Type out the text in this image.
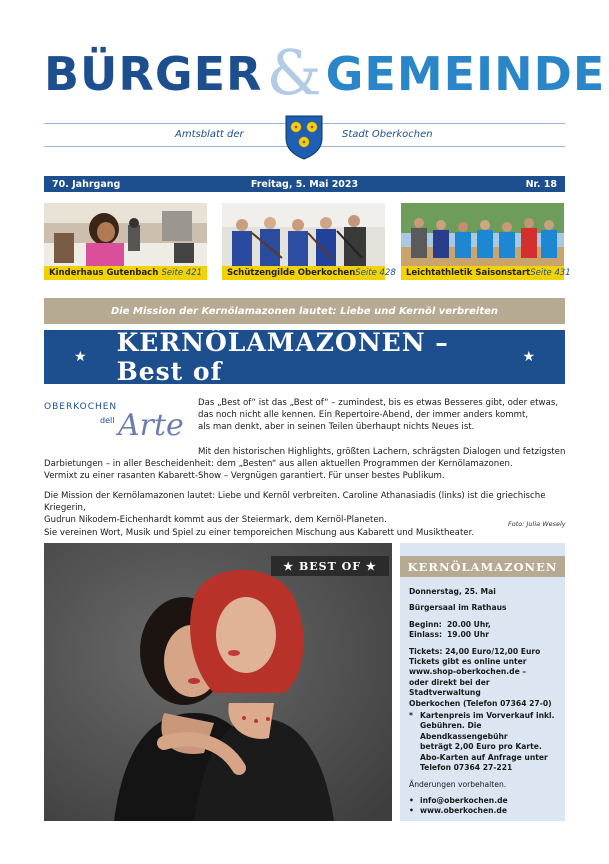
BÜRGER & GEMEINDE
Amtsblatt der	Stadt Oberkochen
70. Jahrgang	Freitag, 5. Mai 2023	Nr. 18
Kinderhaus Gutenbach Seite 421	Schützengilde Oberkochen Seite 428 Leichtathletik Saisonstart Seite 431
Die Mission der Kernölamazonen lautet: Liebe und Kernöl verbreiten
★ KERNÖLAMAZONEN – Best of	★
OBERKOCHEN
dell Arte
Das „Best of“ ist das „Best of“ – zumindest, bis es etwas Besseres gibt, oder etwas,
das noch nicht alle kennen. Ein Repertoire-Abend, der immer anders kommt,
als man denkt, aber in seinen Teilen überhaupt nichts Neues ist.
Mit den historischen Highlights, größten Lachern, schrägsten Dialogen und fetzigsten
Darbietungen – in aller Bescheidenheit: dem „Besten“ aus allen aktuellen Programmen der Kernölamazonen.
Vermixt zu einer rasanten Kabarett-Show – Vergnügen garantiert. Für unser bestes Publikum.
Die Mission der Kernölamazonen lautet: Liebe und Kernöl verbreiten. Caroline Athanasiadis (links) ist die griechische Kriegerin,
Gudrun Nikodem-Eichenhardt kommt aus der Steiermark, dem Kernöl-Planeten.
Sie vereinen Wort, Musik und Spiel zu einer temporeichen Mischung aus Kabarett und Musiktheater.
Foto: Julia Wesely
★ BEST OF ★	KERNÖLAMAZONEN
Donnerstag, 25. Mai
Bürgersaal im Rathaus
Beginn: 20.00 Uhr,
Einlass: 19.00 Uhr
Tickets: 24,00 Euro/12,00 Euro
Tickets gibt es online unter
www.shop-oberkochen.de –
oder direkt bei der Stadtverwaltung
Oberkochen (Telefon 07364 27-0)
* Kartenpreis im Vorverkauf inkl.
Gebühren. Die Abendkassengebühr
beträgt 2,00 Euro pro Karte.
Abo-Karten auf Anfrage unter
Telefon 07364 27-221
Änderungen vorbehalten.
• info@oberkochen.de
• www.oberkochen.de
